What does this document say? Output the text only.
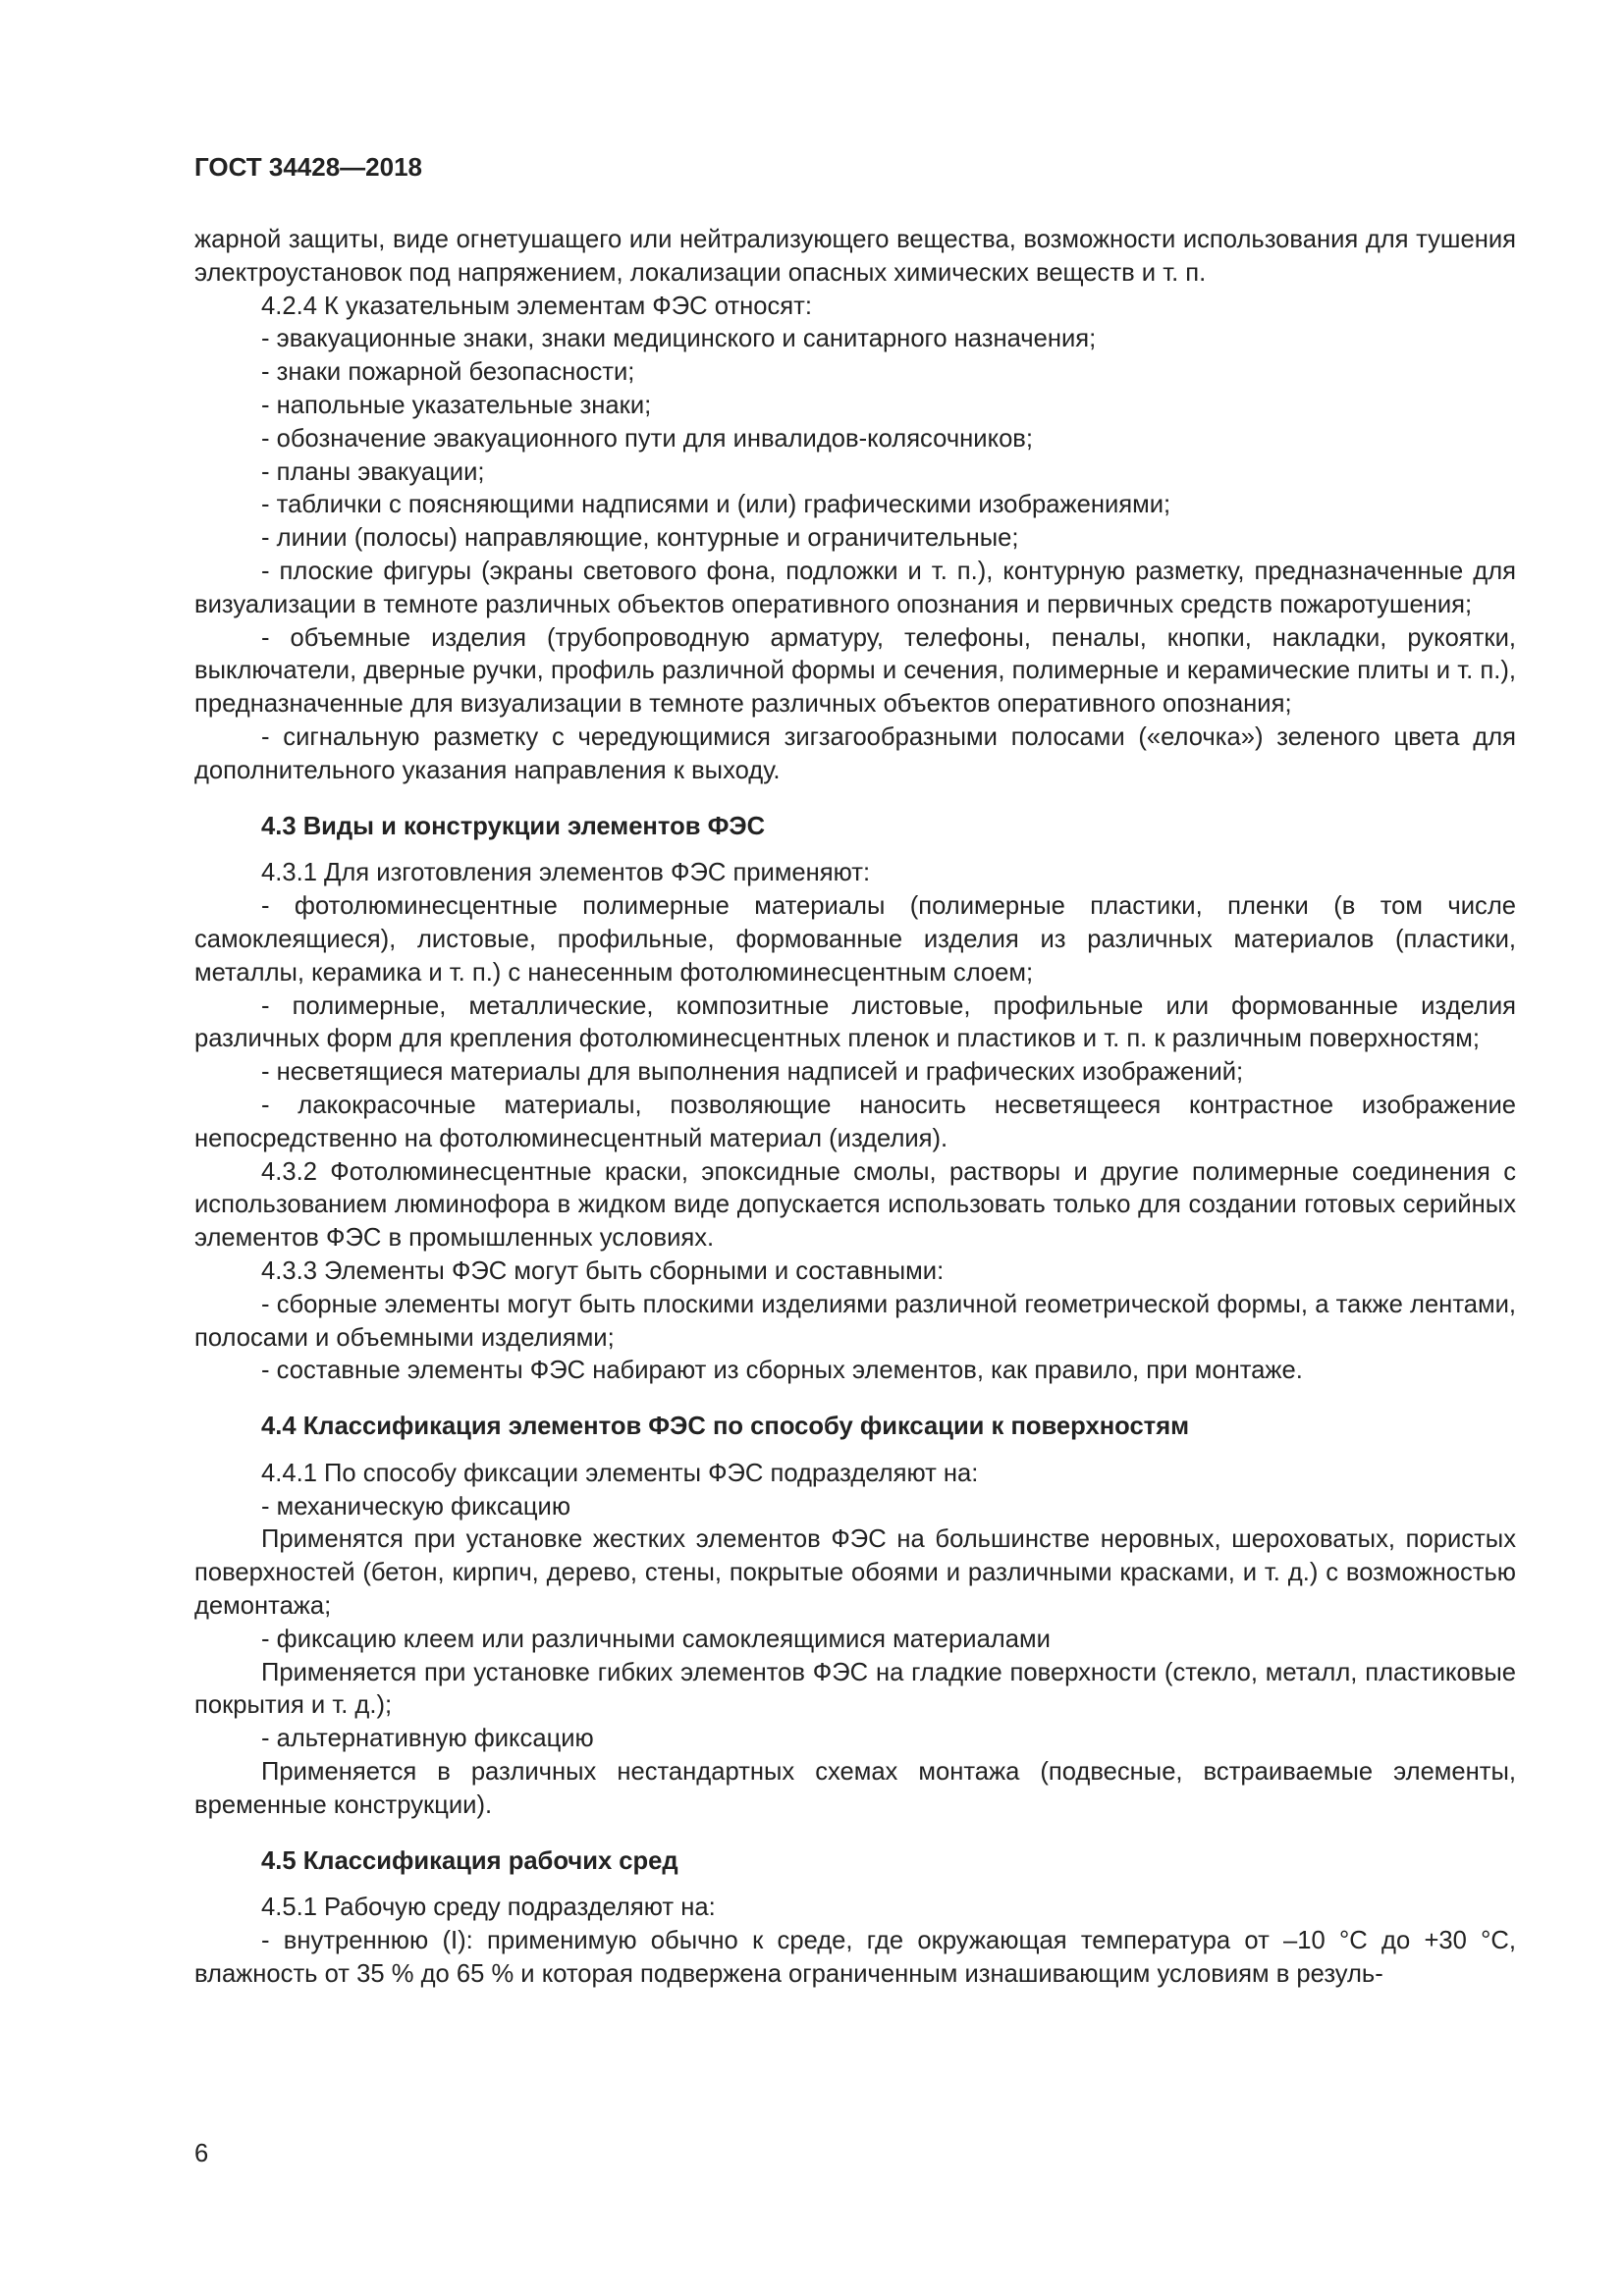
ГОСТ 34428—2018

жарной защиты, виде огнетушащего или нейтрализующего вещества, возможности использования для тушения электроустановок под напряжением, локализации опасных химических веществ и т. п.

4.2.4 К указательным элементам ФЭС относят:

- эвакуационные знаки, знаки медицинского и санитарного назначения;

- знаки пожарной безопасности;

- напольные указательные знаки;

- обозначение эвакуационного пути для инвалидов-колясочников;

- планы эвакуации;

- таблички с поясняющими надписями и (или) графическими изображениями;

- линии (полосы) направляющие, контурные и ограничительные;

- плоские фигуры (экраны светового фона, подложки и т. п.), контурную разметку, предназначенные для визуализации в темноте различных объектов оперативного опознания и первичных средств пожаротушения;

- объемные изделия (трубопроводную арматуру, телефоны, пеналы, кнопки, накладки, рукоятки, выключатели, дверные ручки, профиль различной формы и сечения, полимерные и керамические плиты и т. п.), предназначенные для визуализации в темноте различных объектов оперативного опознания;

- сигнальную разметку с чередующимися зигзагообразными полосами («елочка») зеленого цвета для дополнительного указания направления к выходу.

4.3 Виды и конструкции элементов ФЭС

4.3.1 Для изготовления элементов ФЭС применяют:

- фотолюминесцентные полимерные материалы (полимерные пластики, пленки (в том числе самоклеящиеся), листовые, профильные, формованные изделия из различных материалов (пластики, металлы, керамика и т. п.) с нанесенным фотолюминесцентным слоем;

- полимерные, металлические, композитные листовые, профильные или формованные изделия различных форм для крепления фотолюминесцентных пленок и пластиков и т. п. к различным поверхностям;

- несветящиеся материалы для выполнения надписей и графических изображений;

- лакокрасочные материалы, позволяющие наносить несветящееся контрастное изображение непосредственно на фотолюминесцентный материал (изделия).

4.3.2 Фотолюминесцентные краски, эпоксидные смолы, растворы и другие полимерные соединения с использованием люминофора в жидком виде допускается использовать только для создании готовых серийных элементов ФЭС в промышленных условиях.

4.3.3 Элементы ФЭС могут быть сборными и составными:

- сборные элементы могут быть плоскими изделиями различной геометрической формы, а также лентами, полосами и объемными изделиями;

- составные элементы ФЭС набирают из сборных элементов, как правило, при монтаже.

4.4 Классификация элементов ФЭС по способу фиксации к поверхностям

4.4.1 По способу фиксации элементы ФЭС подразделяют на:

- механическую фиксацию

Применятся при установке жестких элементов ФЭС на большинстве неровных, шероховатых, пористых поверхностей (бетон, кирпич, дерево, стены, покрытые обоями и различными красками, и т. д.) с возможностью демонтажа;

- фиксацию клеем или различными самоклеящимися материалами

Применяется при установке гибких элементов ФЭС на гладкие поверхности (стекло, металл, пластиковые покрытия и т. д.);

- альтернативную фиксацию

Применяется в различных нестандартных схемах монтажа (подвесные, встраиваемые элементы, временные конструкции).

4.5 Классификация рабочих сред

4.5.1 Рабочую среду подразделяют на:

- внутреннюю (I): применимую обычно к среде, где окружающая температура от –10 °С до +30 °С, влажность от 35 % до 65 % и которая подвержена ограниченным изнашивающим условиям в резуль-

6
